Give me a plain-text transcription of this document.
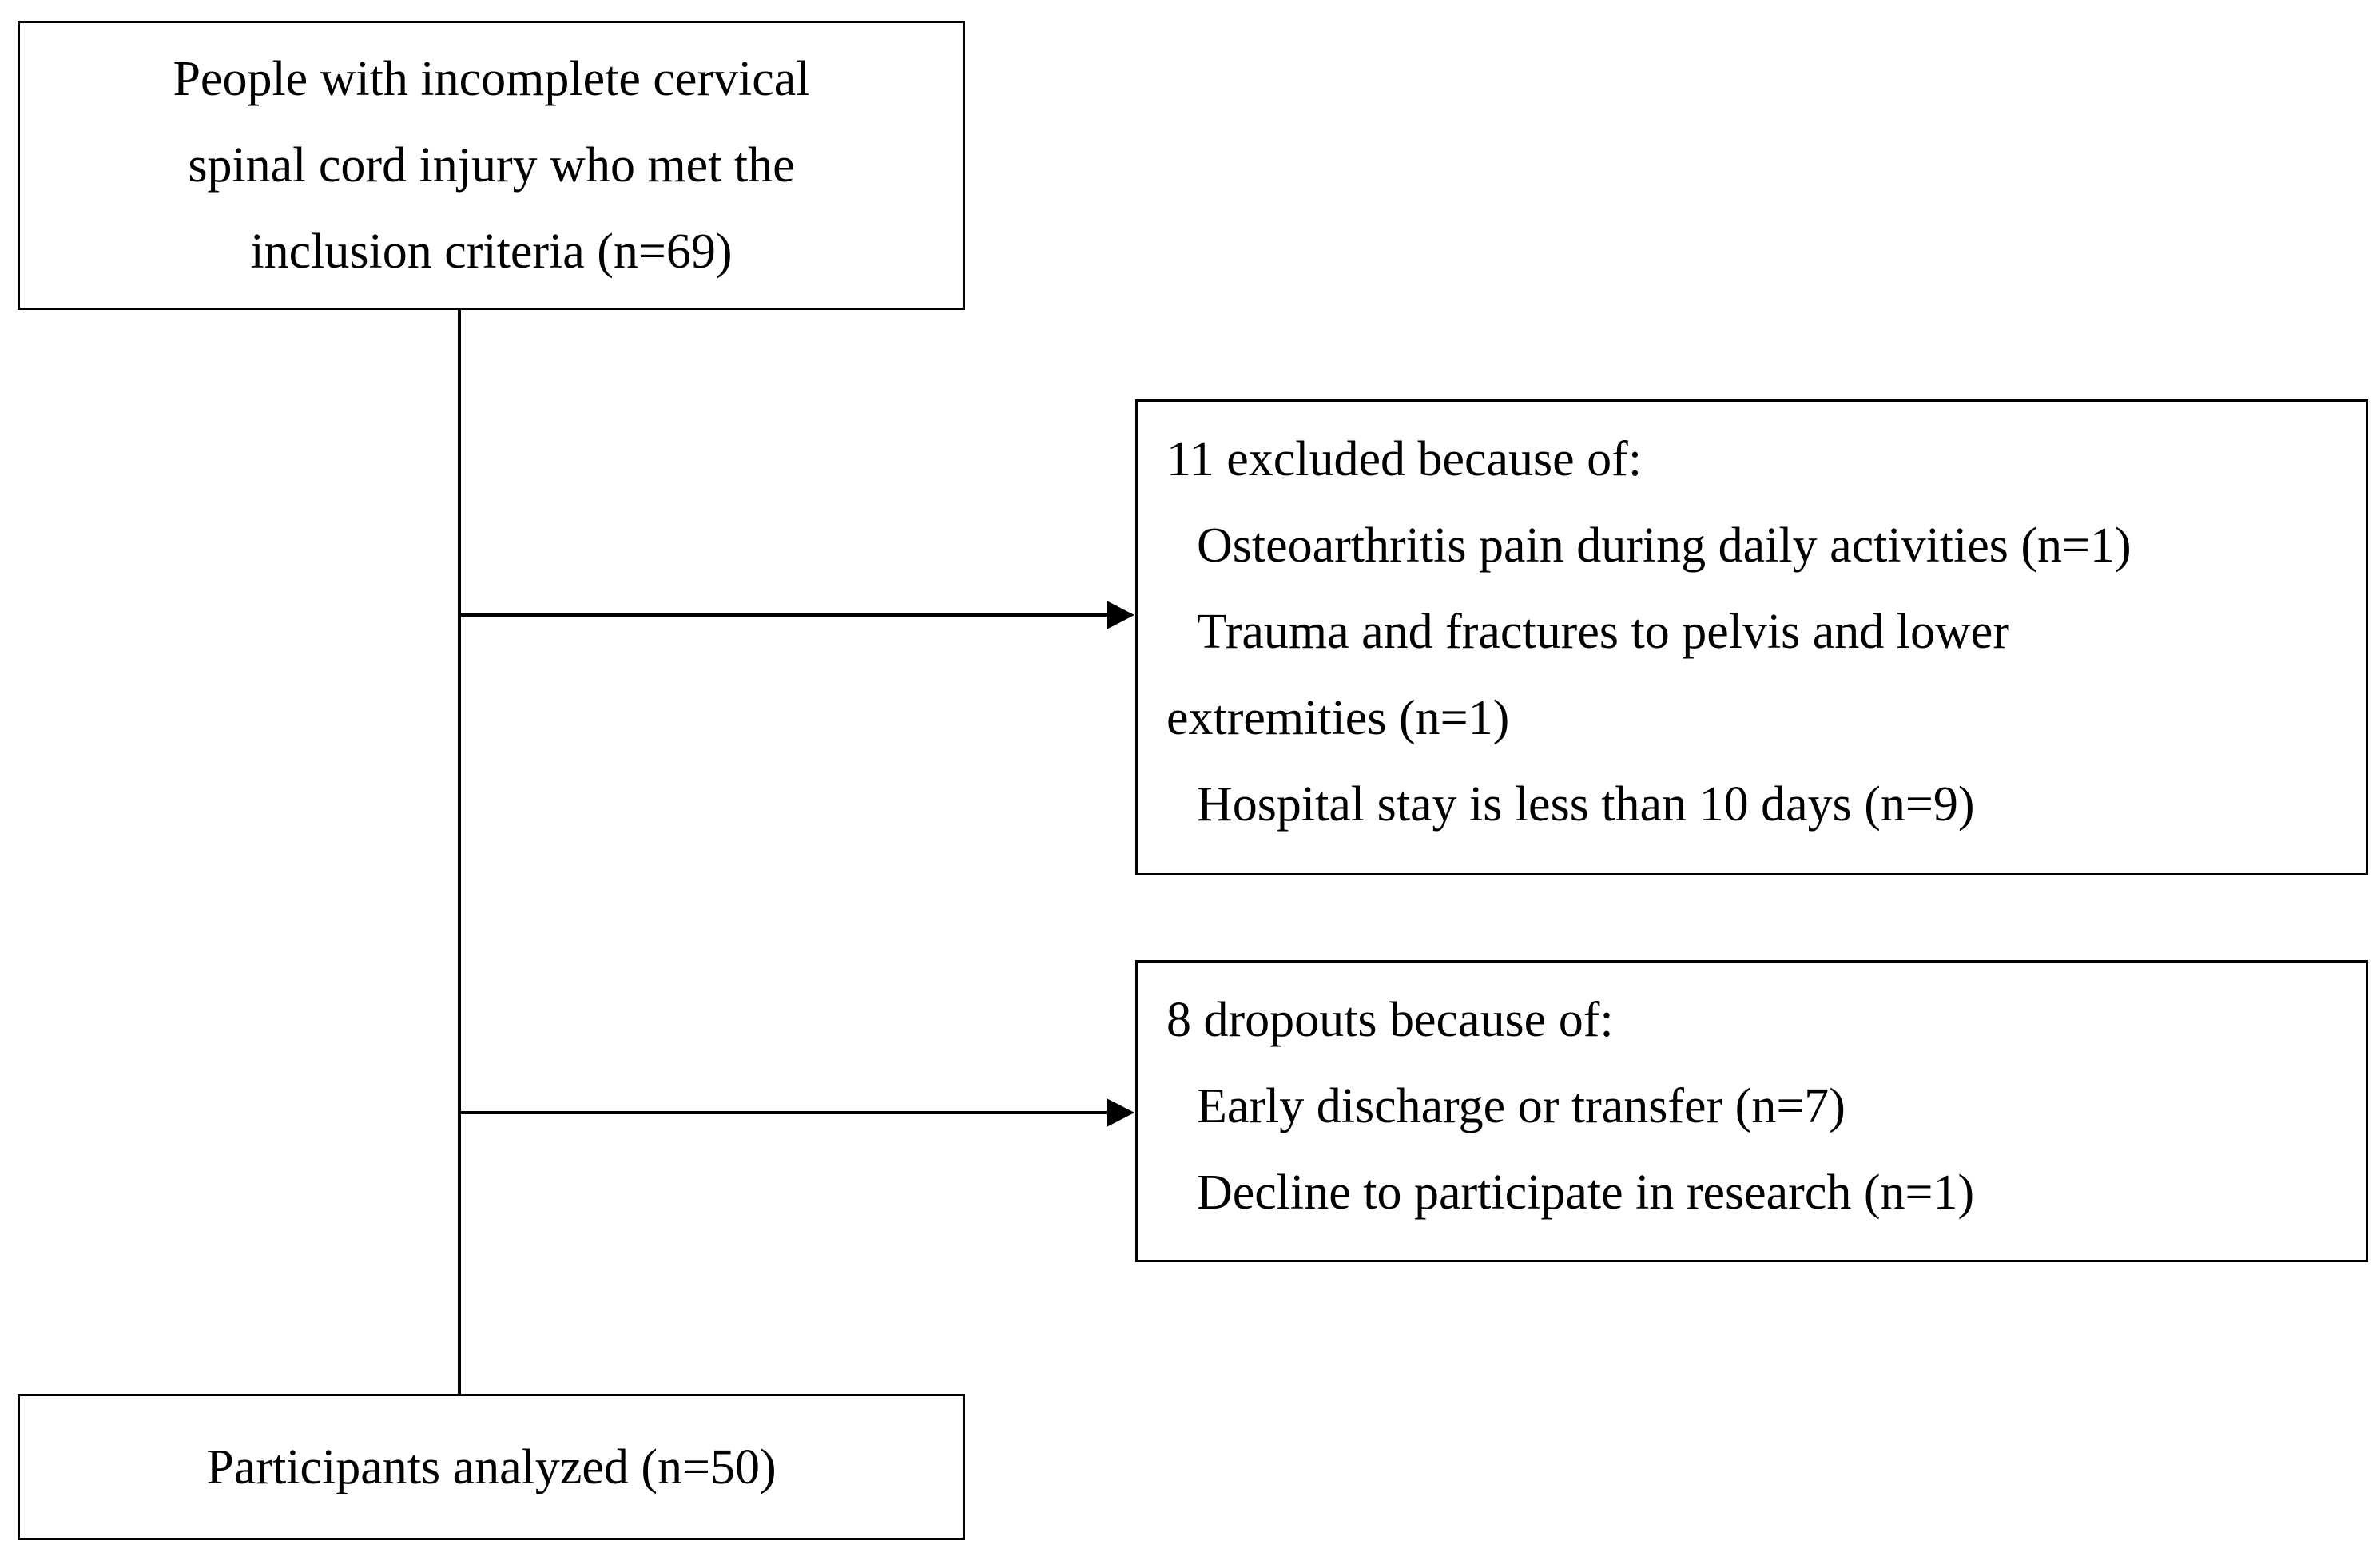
People with incomplete cervical
spinal cord injury who met the
inclusion criteria (n=69)
11 excluded because of:
Osteoarthritis pain during daily activities (n=1)
Trauma and fractures to pelvis and lower
extremities (n=1)
Hospital stay is less than 10 days (n=9)
8 dropouts because of:
Early discharge or transfer (n=7)
Decline to participate in research (n=1)
Participants analyzed (n=50)
